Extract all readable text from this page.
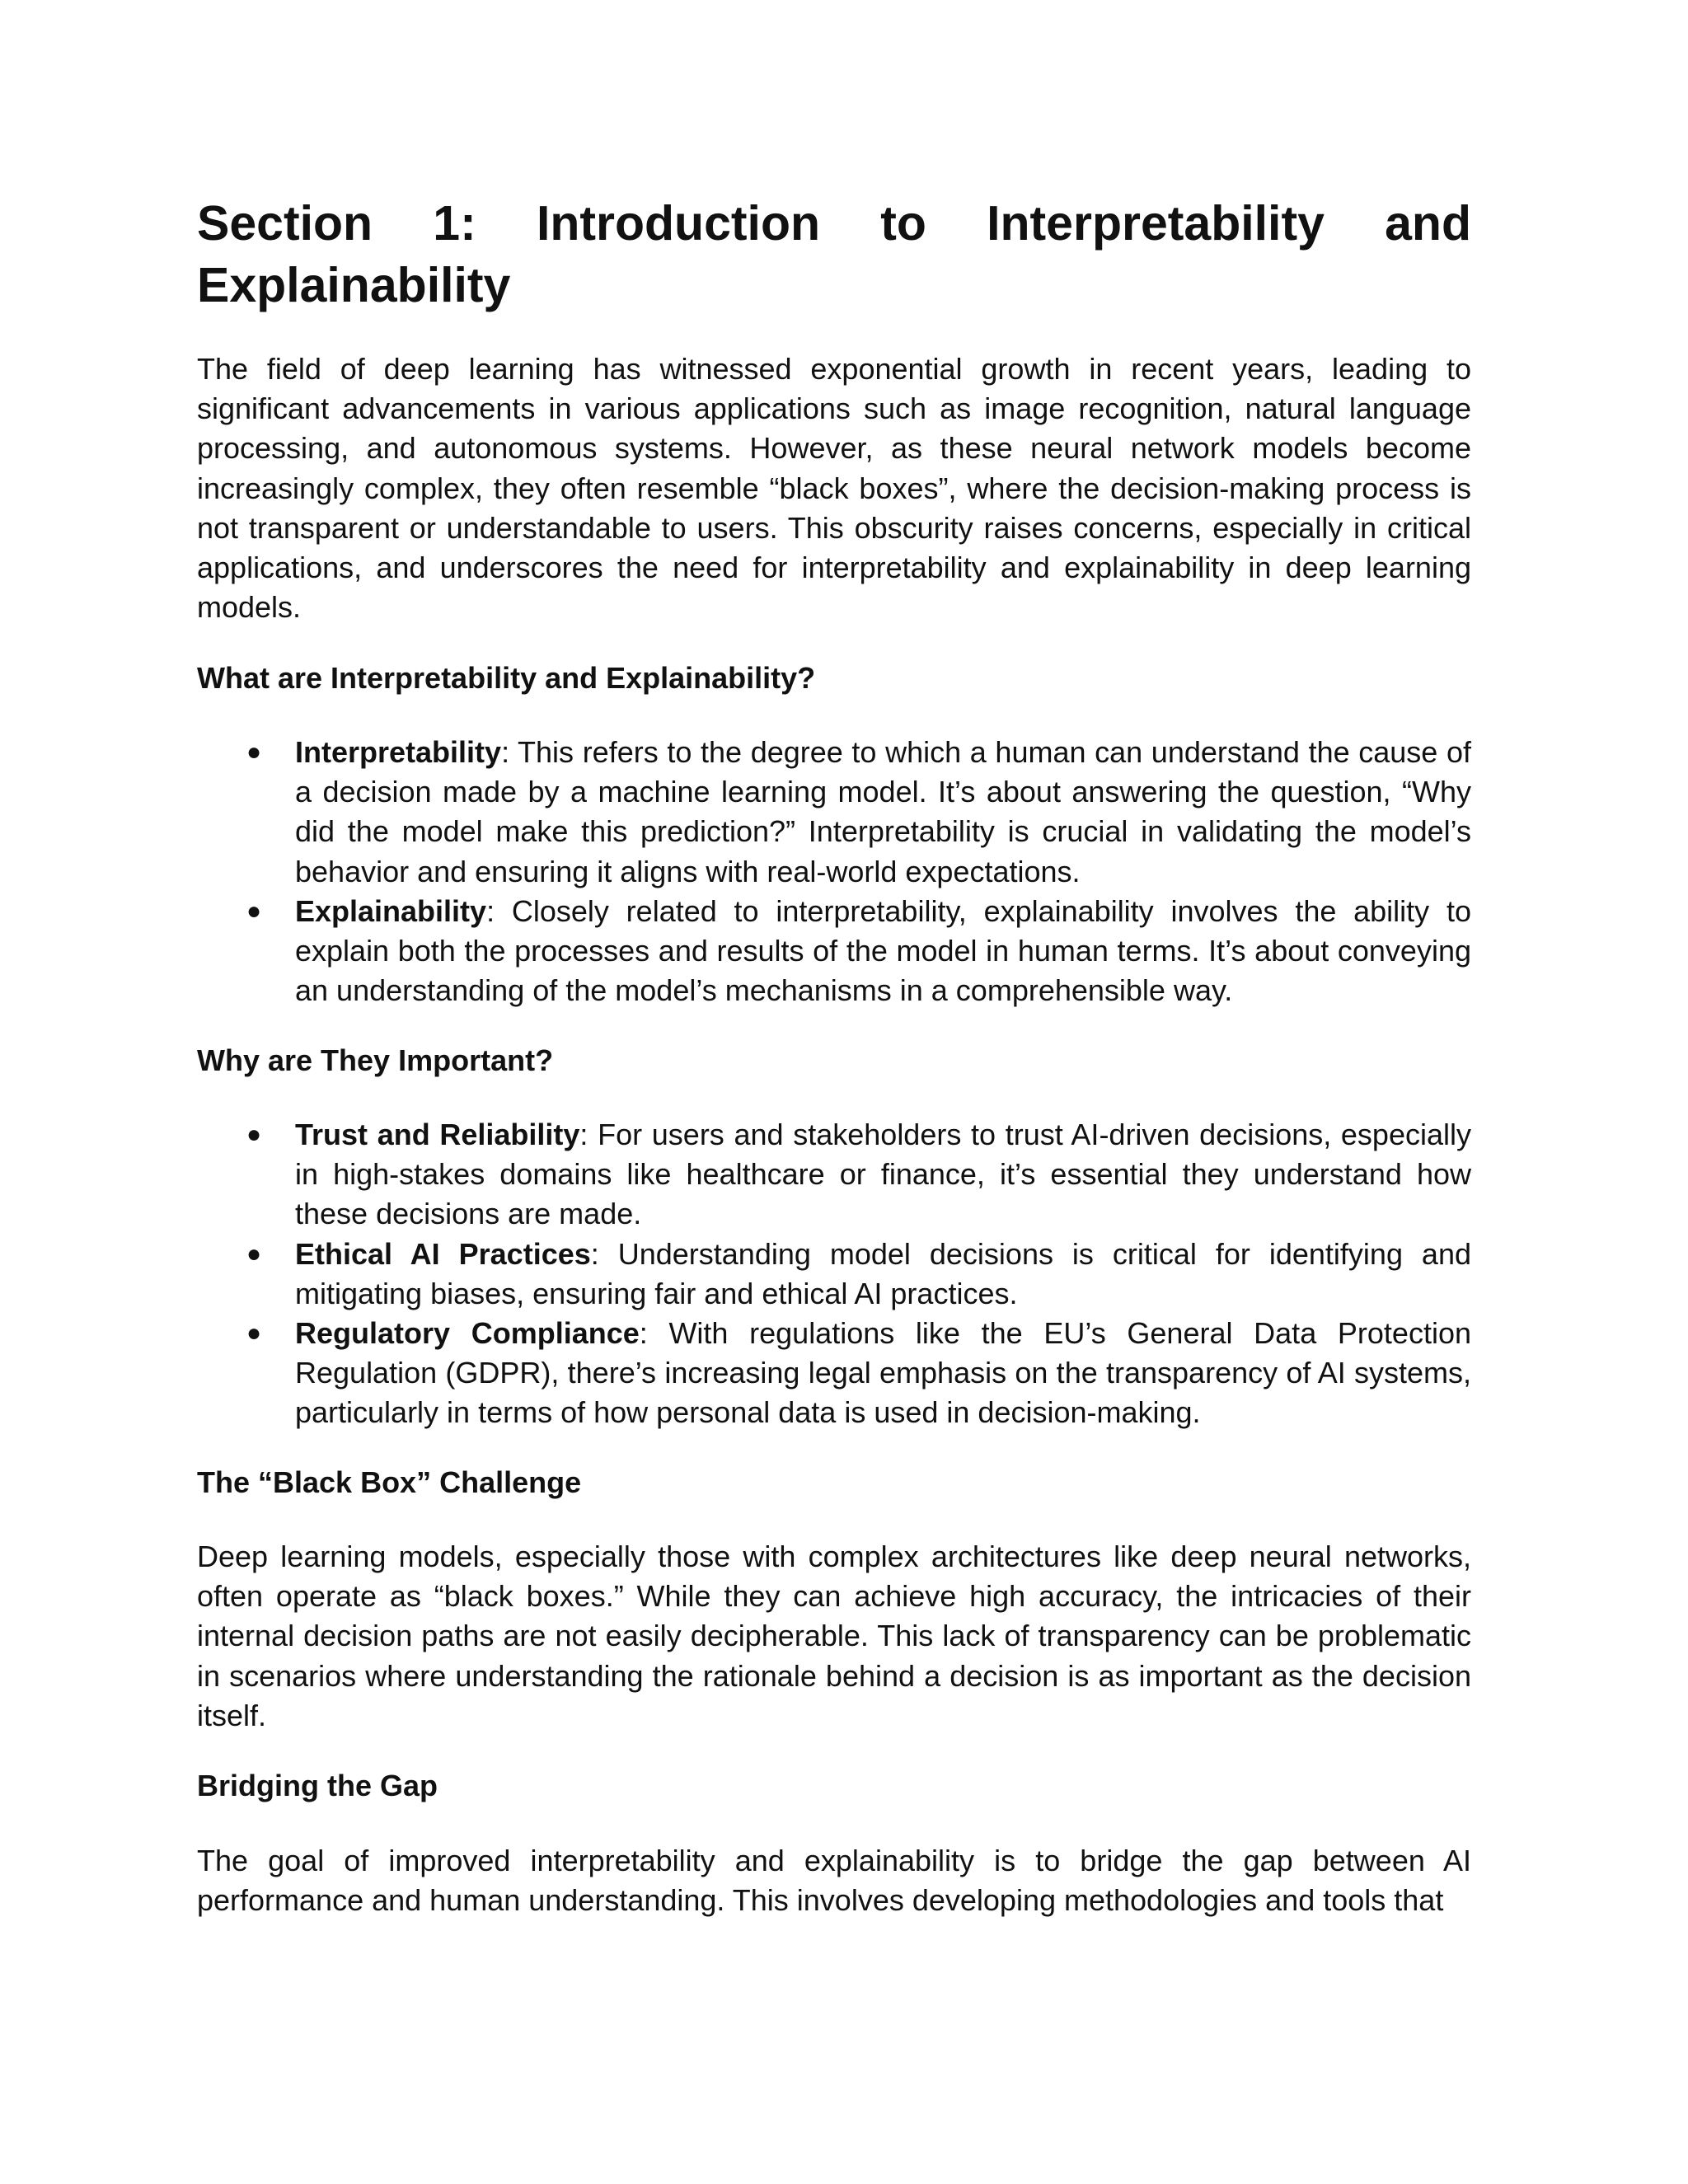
Section 1: Introduction to Interpretability and Explainability

The field of deep learning has witnessed exponential growth in recent years, leading to significant advancements in various applications such as image recognition, natural language processing, and autonomous systems. However, as these neural network models become increasingly complex, they often resemble “black boxes”, where the decision-making process is not transparent or understandable to users. This obscurity raises concerns, especially in critical applications, and underscores the need for interpretability and explainability in deep learning models.

What are Interpretability and Explainability?
● Interpretability: This refers to the degree to which a human can understand the cause of a decision made by a machine learning model. It’s about answering the question, “Why did the model make this prediction?” Interpretability is crucial in validating the model’s behavior and ensuring it aligns with real-world expectations.
● Explainability: Closely related to interpretability, explainability involves the ability to explain both the processes and results of the model in human terms. It’s about conveying an understanding of the model’s mechanisms in a comprehensible way.
Why are They Important?
● Trust and Reliability: For users and stakeholders to trust AI-driven decisions, especially in high-stakes domains like healthcare or finance, it’s essential they understand how these decisions are made.
● Ethical AI Practices: Understanding model decisions is critical for identifying and mitigating biases, ensuring fair and ethical AI practices.
● Regulatory Compliance: With regulations like the EU’s General Data Protection Regulation (GDPR), there’s increasing legal emphasis on the transparency of AI systems, particularly in terms of how personal data is used in decision-making.
The “Black Box” Challenge

Deep learning models, especially those with complex architectures like deep neural networks, often operate as “black boxes.” While they can achieve high accuracy, the intricacies of their internal decision paths are not easily decipherable. This lack of transparency can be problematic in scenarios where understanding the rationale behind a decision is as important as the decision itself.

Bridging the Gap

The goal of improved interpretability and explainability is to bridge the gap between AI performance and human understanding. This involves developing methodologies and tools that
